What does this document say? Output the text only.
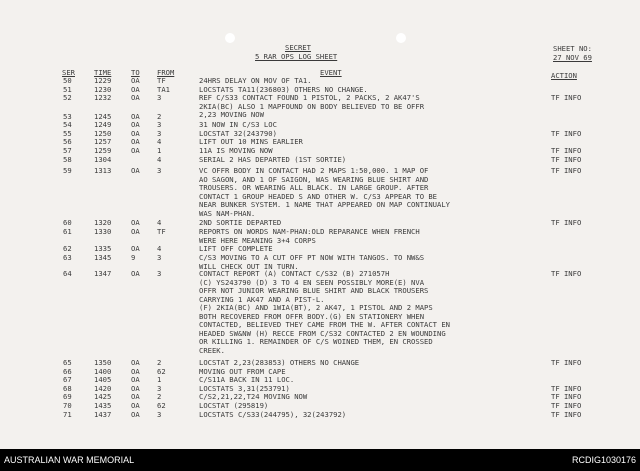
SECRET
5 RAR OPS LOG SHEET
SHEET NO:
27 NOV 69
SER	TIME	TO FROM	EVENT	ACTION
50	1229	OA TF	24HRS DELAY ON MOV OF TA1.
51	1230	OA TA1	LOCSTATS TA11(236803) OTHERS NO CHANGE.
52	1232	OA 3	REF C/S33 CONTACT FOUND 1 PISTOL, 2 PACKS, 2 AK47'S
2KIA(BC) ALSO 1 MAPFOUND ON BODY BELIEVED TO BE OFFR
2,23 MOVING NOW
TF INFO
53	1245	OA 2
54	1249	OA 3	31 NOW IN C/S3 LOC
55	1250	OA 3	LOCSTAT 32(243790)	TF INFO
56	1257	OA 4	LIFT OUT 10 MINS EARLIER
57	1259	OA 1	11A IS MOVING NOW	TF INFO
58	1304	4	SERIAL 2 HAS DEPARTED (1ST SORTIE)	TF INFO
59	1313	OA 3	VC OFFR BODY IN CONTACT HAD 2 MAPS 1:50,000. 1 MAP OF
AO SAGON, AND 1 OF SAIGON, WAS WEARING BLUE SHIRT AND
TROUSERS. OR WEARING ALL BLACK. IN LARGE GROUP. AFTER
CONTACT 1 GROUP HEADED S AND OTHER W. C/S3 APPEAR TO BE
NEAR BUNKER SYSTEM. 1 NAME THAT APPEARED ON MAP CONTINUALY
WAS NAM-PHAN.
TF INFO
60	1320	OA 4	2ND SORTIE DEPARTED	TF INFO
61	1330	OA TF	REPORTS ON WORDS NAM-PHAN:OLD REPARANCE WHEN FRENCH
WERE HERE MEANING 3+4 CORPS
62	1335	OA 4	LIFT OFF COMPLETE
63	1345	9	3	C/S3 MOVING TO A CUT OFF PT NOW WITH TANGOS. TO NW&S
WILL CHECK OUT IN TURN.
64	1347	OA 3	CONTACT REPORT (A) CONTACT C/S32 (B) 271057H
(C) YS243790 (D) 3 TO 4 EN SEEN POSSIBLY MORE(E) NVA
OFFR NOT JUNIOR WEARING BLUE SHIRT AND BLACK TROUSERS
CARRYING 1 AK47 AND A PIST-L.
(F) 2KIA(BC) AND 1WIA(BT), 2 AK47, 1 PISTOL AND 2 MAPS
BOTH RECOVERED FROM OFFR BODY.(G) EN STATIONERY WHEN
CONTACTED, BELIEVED THEY CAME FROM THE W. AFTER CONTACT EN
HEADED SW&NW (H) RECCE FROM C/S32 CONTACTED 2 EN WOUNDING
OR KILLING 1. REMAINDER OF C/S WOINED THEM, EN CROSSED
CREEK.
TF INFO
65	1350	OA 2	LOCSTAT 2,23(283853) OTHERS NO CHANGE	TF INFO
66	1400	OA 62	MOVING OUT FROM CAPE
67	1405	OA 1	C/S11A BACK IN 11 LOC.
68	1420	OA 3	LOCSTATS 3,31(253791)	TF INFO
69	1425	OA 2	C/S2,21,22,T24 MOVING NOW	TF INFO
70	1435	OA 62	LOCSTAT (295819)	TF INFO
71	1437	OA 3	LOCSTATS C/S33(244795), 32(243792)	TF INFO
AUSTRALIAN WAR MEMORIAL	RCDIG1030176
